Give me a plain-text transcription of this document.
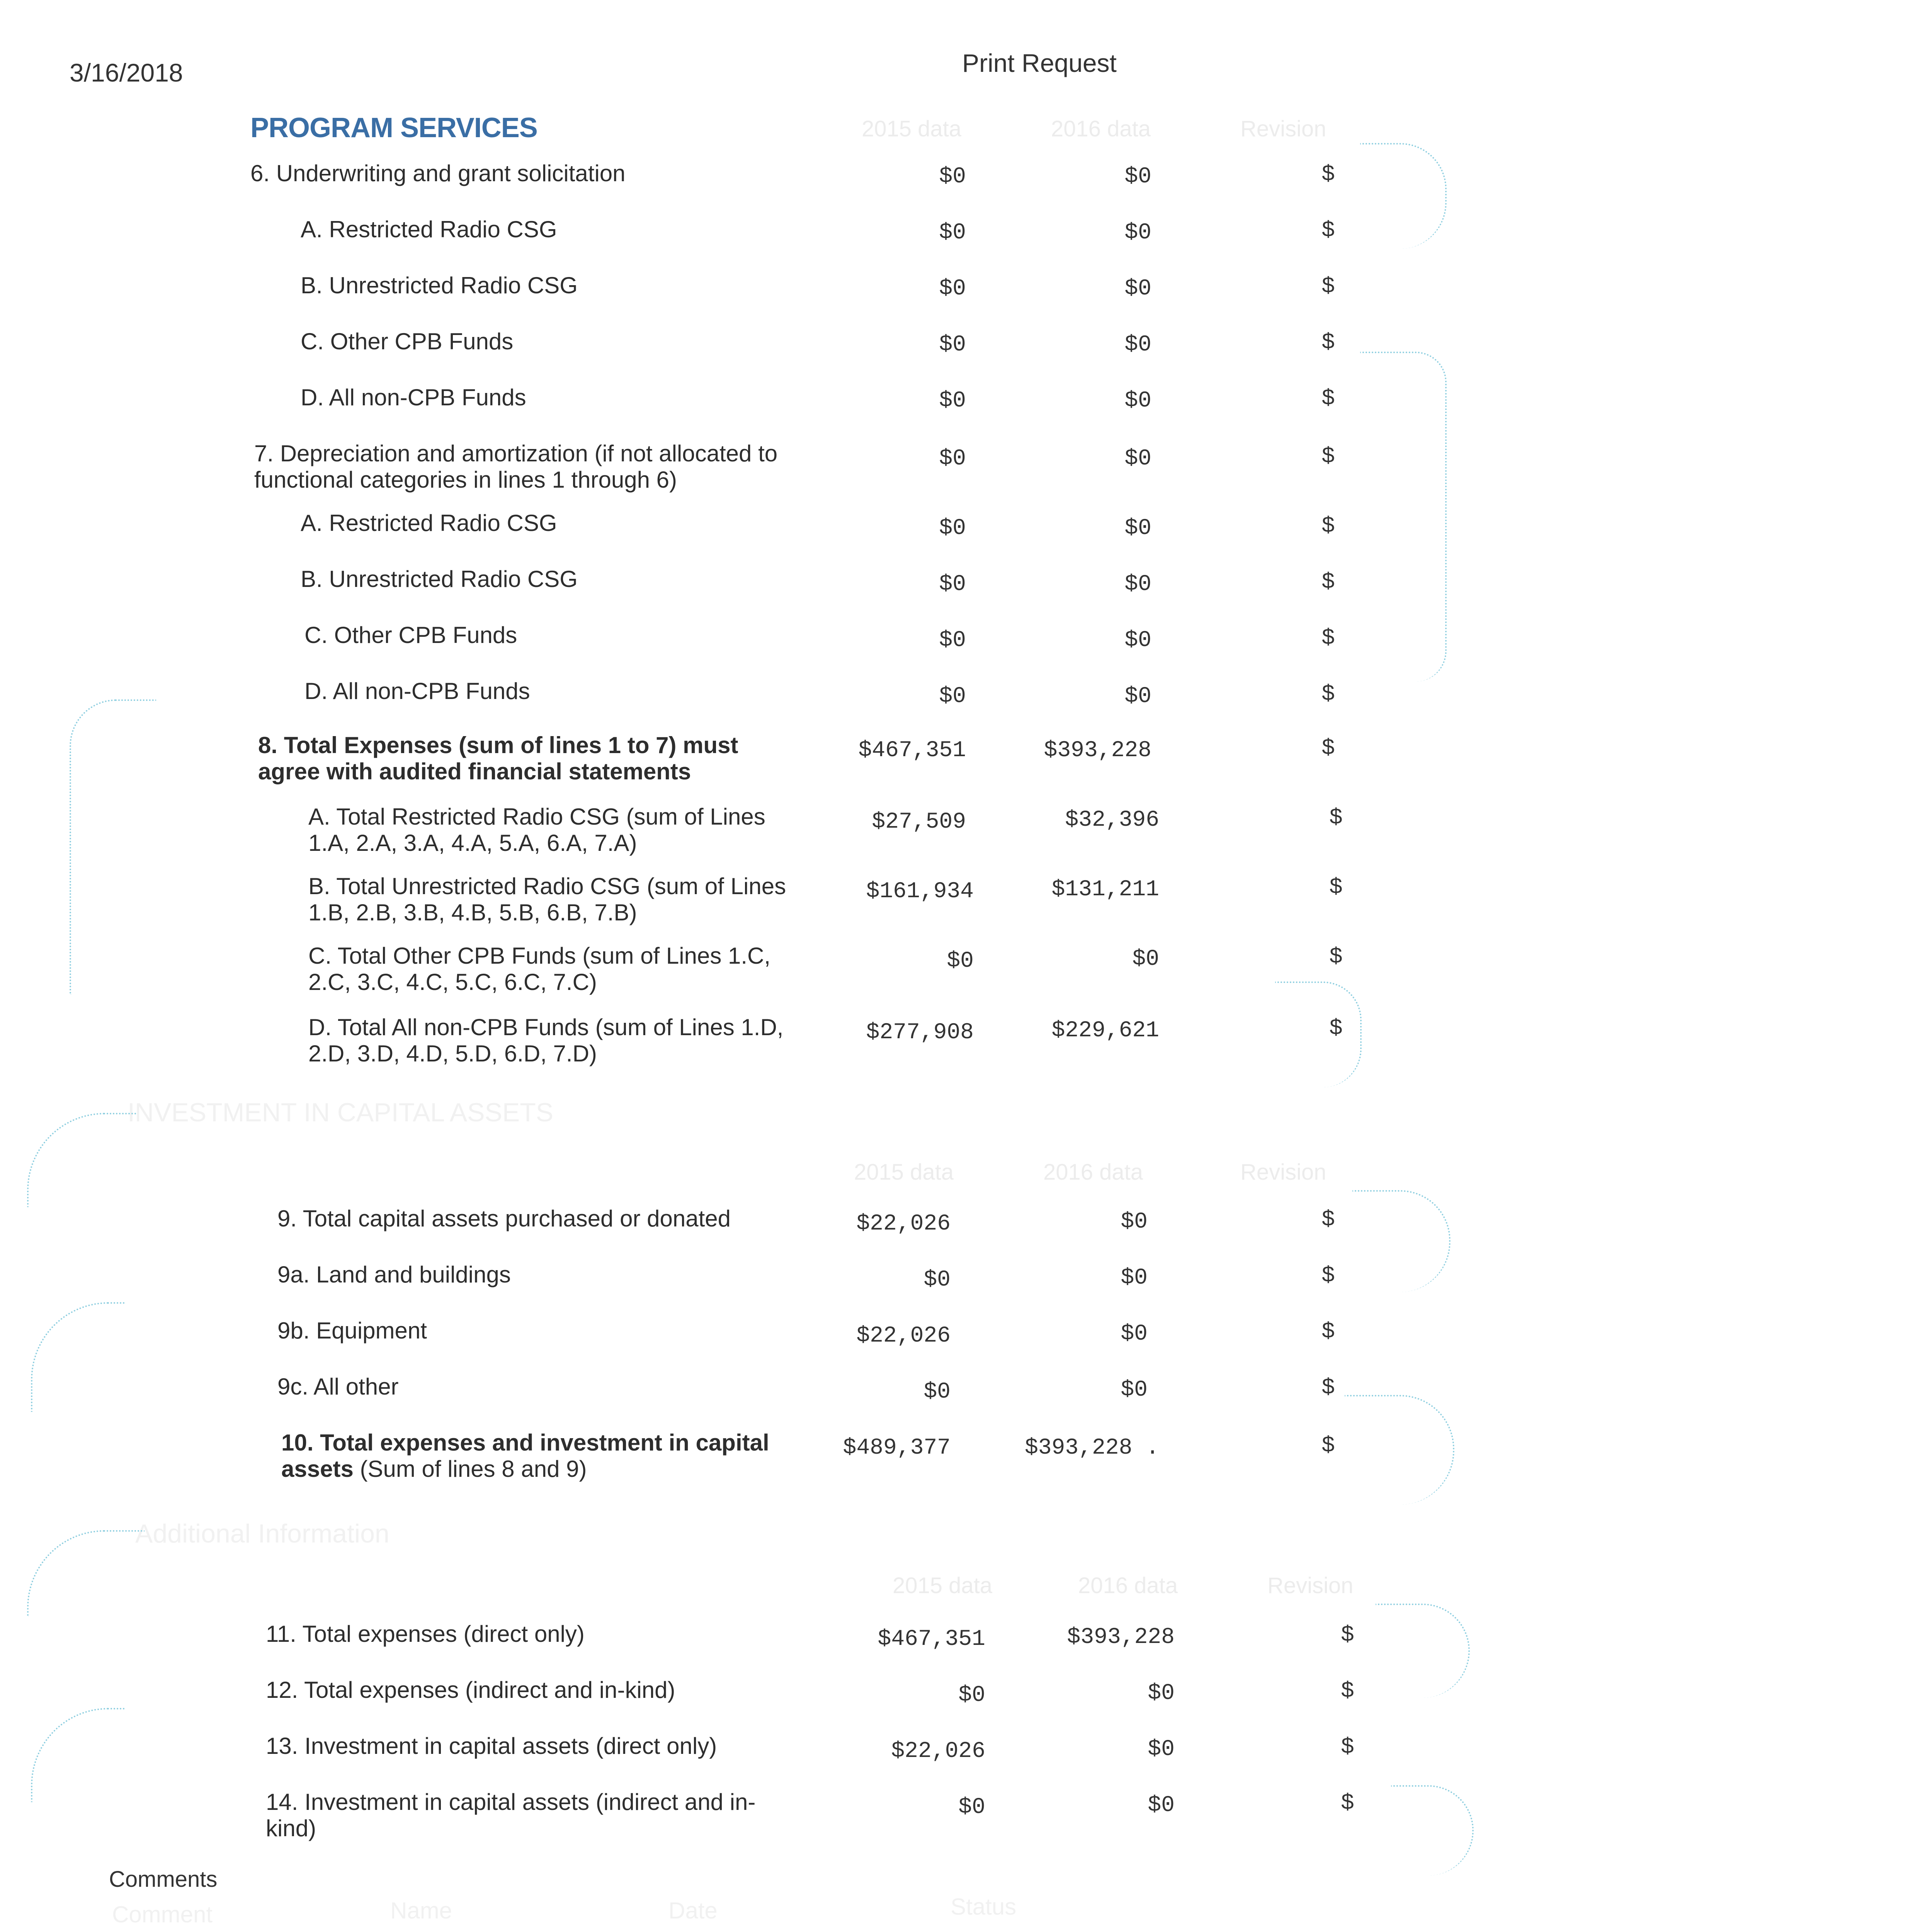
3/16/2018	Print Request
PROGRAM SERVICES	2015 data	2016 data	Revision
6. Underwriting and grant solicitation	$0	$0	$
A. Restricted Radio CSG	$0	$0	$
B. Unrestricted Radio CSG	$0	$0	$
C. Other CPB Funds	$0	$0	$
D. All non-CPB Funds	$0	$0	$
7. Depreciation and amortization (if not allocated to functional categories in lines 1 through 6)
$0	$0	$
A. Restricted Radio CSG	$0	$0	$
B. Unrestricted Radio CSG	$0	$0	$
C. Other CPB Funds	$0	$0	$
D. All non-CPB Funds	$0	$0	$
8. Total Expenses (sum of lines 1 to 7) must agree with audited financial statements
$467,351	$393,228	$
A. Total Restricted Radio CSG (sum of Lines 1.A, 2.A, 3.A, 4.A, 5.A, 6.A, 7.A)
$27,509	$32,396	$
B. Total Unrestricted Radio CSG (sum of Lines 1.B, 2.B, 3.B, 4.B, 5.B, 6.B, 7.B)
$161,934	$131,211	$
C. Total Other CPB Funds (sum of Lines 1.C, 2.C, 3.C, 4.C, 5.C, 6.C, 7.C)
$0	$0	$
D. Total All non-CPB Funds (sum of Lines 1.D, 2.D, 3.D, 4.D, 5.D, 6.D, 7.D)
$277,908	$229,621	$
INVESTMENT IN CAPITAL ASSETS
2015 data	2016 data	Revision
9. Total capital assets purchased or donated	$22,026	$0	$
9a. Land and buildings	$0	$0	$
9b. Equipment	$22,026	$0	$
9c. All other	$0	$0	$
10. Total expenses and investment in capital assets (Sum of lines 8 and 9)
$489,377	$393,228 .	$
Additional Information
2015 data	2016 data	Revision
11. Total expenses (direct only)	$467,351	$393,228	$
12. Total expenses (indirect and in-kind)	$0	$0	$
13. Investment in capital assets (direct only)	$22,026	$0	$
14. Investment in capital assets (indirect and in-kind)
$0	$0	$
Comments
Comment	Name	Date	Status
